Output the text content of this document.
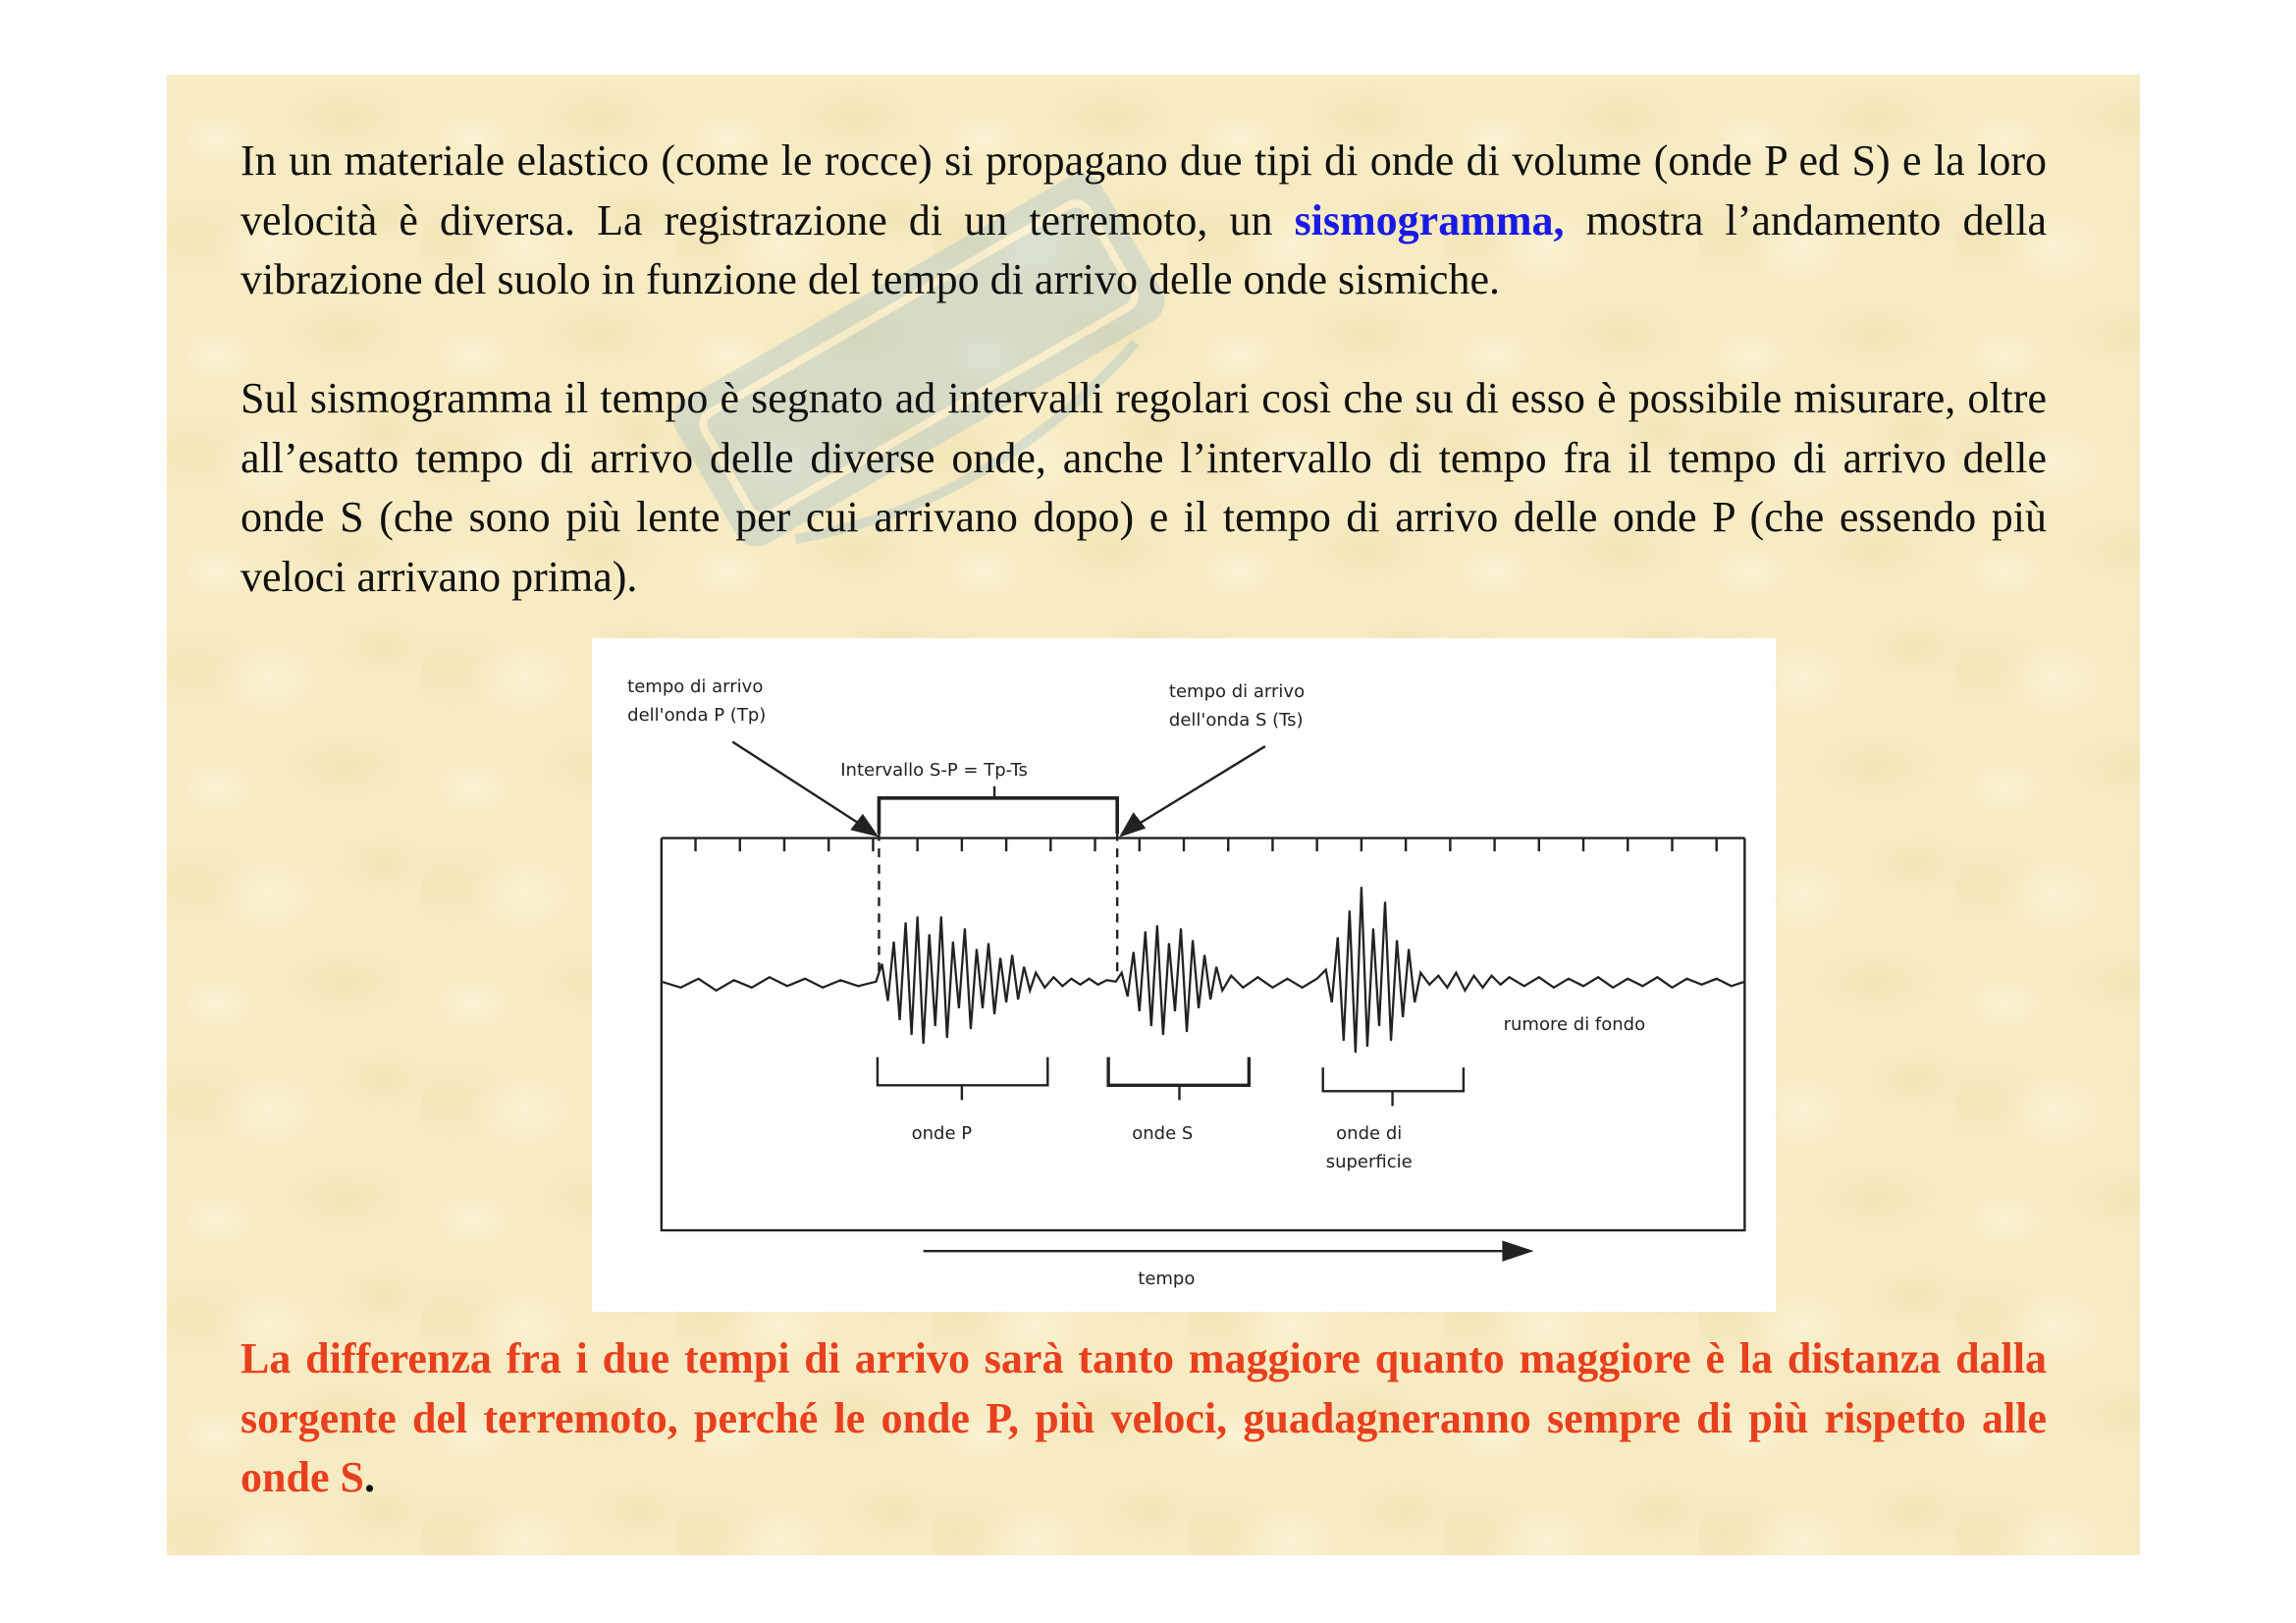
In un materiale elastico (come le rocce) si propagano due tipi di onde di volume (onde P ed S) e la loro velocità è diversa. La registrazione di un terremoto, un sismogramma, mostra l’andamento della vibrazione del suolo in funzione del tempo di arrivo delle onde sismiche.

Sul sismogramma il tempo è segnato ad intervalli regolari così che su di esso è possibile misurare, oltre all’esatto tempo di arrivo delle diverse onde, anche l’intervallo di tempo fra il tempo di arrivo delle onde S (che sono più lente per cui arrivano dopo) e il tempo di arrivo delle onde P (che essendo più veloci arrivano prima).

tempo di arrivo
dell'onda P (Tp)
tempo di arrivo
dell'onda S (Ts)
Intervallo S-P = Tp-Ts
rumore di fondo
onde P	onde S	onde di
superficie
tempo

La differenza fra i due tempi di arrivo sarà tanto maggiore quanto maggiore è la distanza dalla sorgente del terremoto, perché le onde P, più veloci, guadagneranno sempre di più rispetto alle onde S.
